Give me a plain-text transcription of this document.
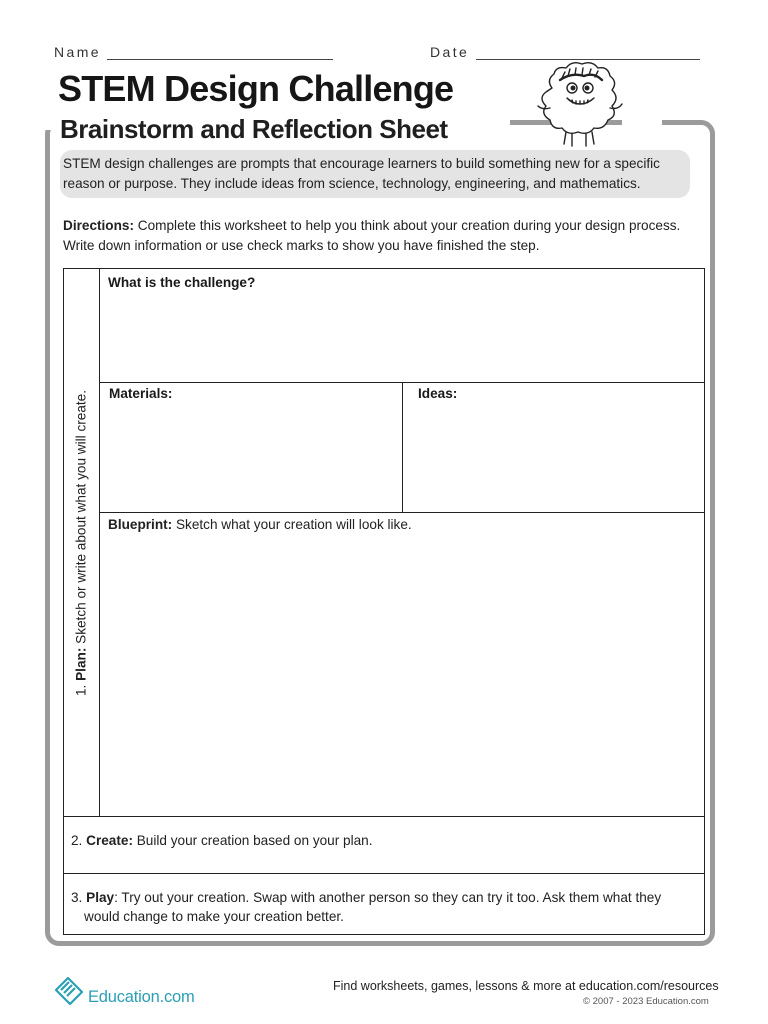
Name	Date
STEM Design Challenge
Brainstorm and Reflection Sheet
STEM design challenges are prompts that encourage learners to build something new for a specific
reason or purpose. They include ideas from science, technology, engineering, and mathematics.
Directions: Complete this worksheet to help you think about your creation during your design process.
Write down information or use check marks to show you have finished the step.
1. Plan: Sketch or write about what you will create.
What is the challenge?
Materials:	Ideas:
Blueprint: Sketch what your creation will look like.
2. Create: Build your creation based on your plan.
3. Play: Try out your creation. Swap with another person so they can try it too. Ask them what they
would change to make your creation better.
Education.com
Find worksheets, games, lessons & more at education.com/resources
© 2007 - 2023 Education.com
